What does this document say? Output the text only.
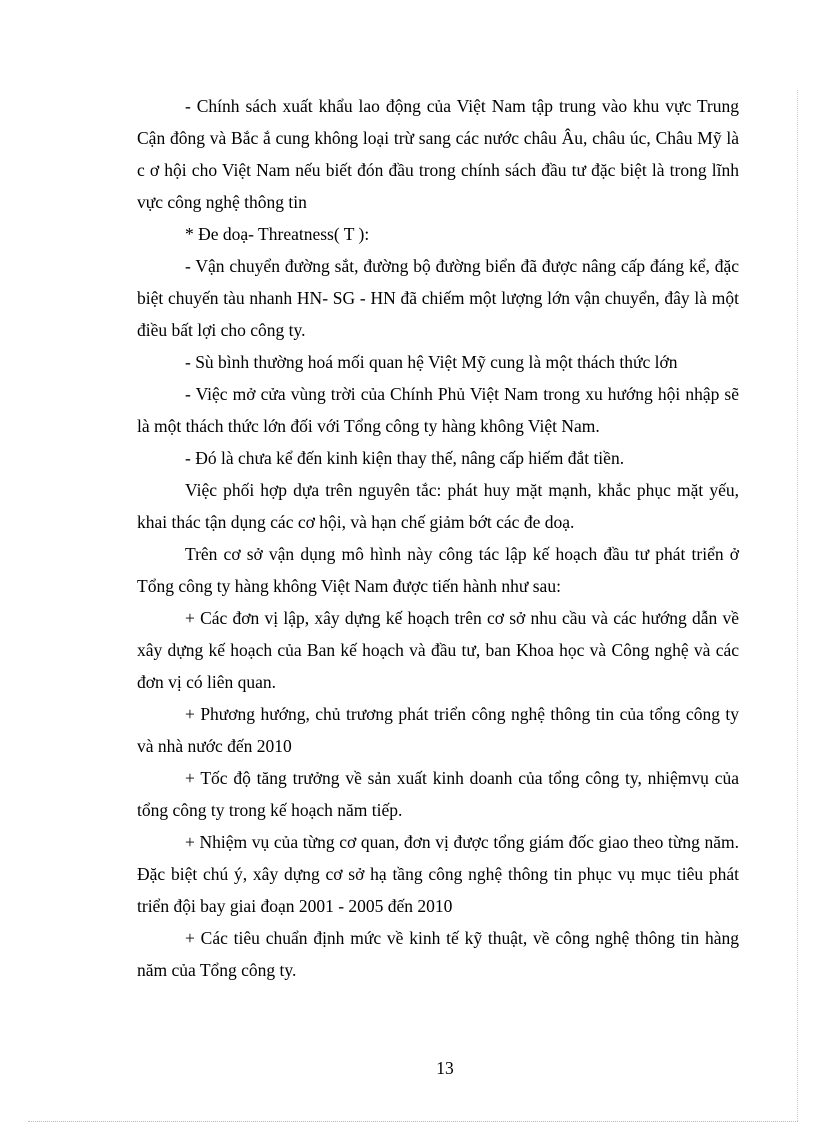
- Chính sách xuất khẩu lao động của Việt Nam tập trung vào khu vực Trung Cận đông và Bắc ắ cung không loại trừ sang các nước châu Âu, châu úc, Châu Mỹ là c ơ hội cho Việt Nam nếu biết đón đầu trong chính sách đầu tư đặc biệt là trong lĩnh vực công nghệ thông tin

* Đe doạ- Threatness( T ):

- Vận chuyển đường sắt, đường bộ đường biển đã được nâng cấp đáng kể, đặc biệt chuyến tàu nhanh HN- SG - HN đã chiếm một lượng lớn vận chuyển, đây là một điều bất lợi cho công ty.

- Sù bình thường hoá mối quan hệ Việt Mỹ cung là một thách thức lớn

- Việc mở cửa vùng trời của Chính Phủ Việt Nam trong xu hướng hội nhập sẽ là một thách thức lớn đối với Tổng công ty hàng không Việt Nam.

- Đó là chưa kể đến kinh kiện thay thế, nâng cấp hiếm đắt tiền.

Việc phối hợp dựa trên nguyên tắc: phát huy mặt mạnh, khắc phục mặt yếu, khai thác tận dụng các cơ hội, và hạn chế giảm bớt các đe doạ.

Trên cơ sở vận dụng mô hình này công tác lập kế hoạch đầu tư phát triển ở Tổng công ty hàng không Việt Nam được tiến hành như sau:

+ Các đơn vị lập, xây dựng kế hoạch trên cơ sở nhu cầu và các hướng dẫn về xây dựng kế hoạch của Ban kế hoạch và đầu tư, ban Khoa học và Công nghệ và các đơn vị có liên quan.

+ Phương hướng, chủ trương phát triển công nghệ thông tin của tổng công ty và nhà nước đến 2010

+ Tốc độ tăng trưởng về sản xuất kinh doanh của tổng công ty, nhiệmvụ của tổng công ty trong kế hoạch năm tiếp.

+ Nhiệm vụ của từng cơ quan, đơn vị được tổng giám đốc giao theo từng năm. Đặc biệt chú ý, xây dựng cơ sở hạ tầng công nghệ thông tin phục vụ mục tiêu phát triển đội bay giai đoạn 2001 - 2005 đến 2010

+ Các tiêu chuẩn định mức về kinh tế kỹ thuật, về công nghệ thông tin hàng năm của Tổng công ty.

13
